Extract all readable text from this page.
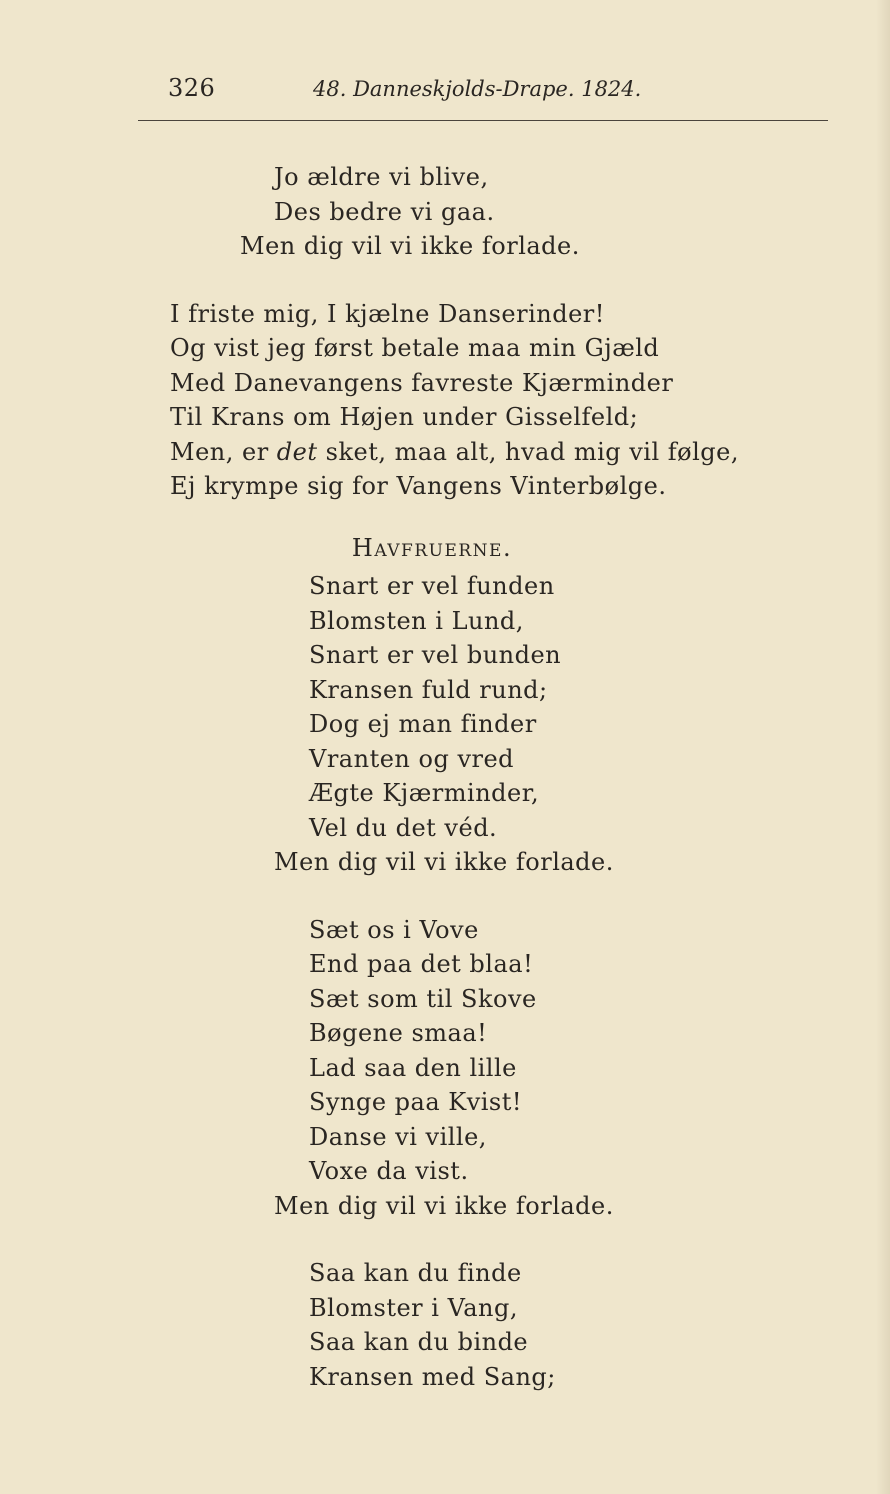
326	48. Danneskjolds-Drape. 1824.
Jo ældre vi blive,
Des bedre vi gaa.
Men dig vil vi ikke forlade.
I friste mig, I kjælne Danserinder!
Og vist jeg først betale maa min Gjæld
Med Danevangens favreste Kjærminder
Til Krans om Højen under Gisselfeld;
Men, er det sket, maa alt, hvad mig vil følge,
Ej krympe sig for Vangens Vinterbølge.
Havfruerne.
Snart er vel funden
Blomsten i Lund,
Snart er vel bunden
Kransen fuld rund;
Dog ej man finder
Vranten og vred
Ægte Kjærminder,
Vel du det véd.
Men dig vil vi ikke forlade.
Sæt os i Vove
End paa det blaa!
Sæt som til Skove
Bøgene smaa!
Lad saa den lille
Synge paa Kvist!
Danse vi ville,
Voxe da vist.
Men dig vil vi ikke forlade.
Saa kan du finde
Blomster i Vang,
Saa kan du binde
Kransen med Sang;
